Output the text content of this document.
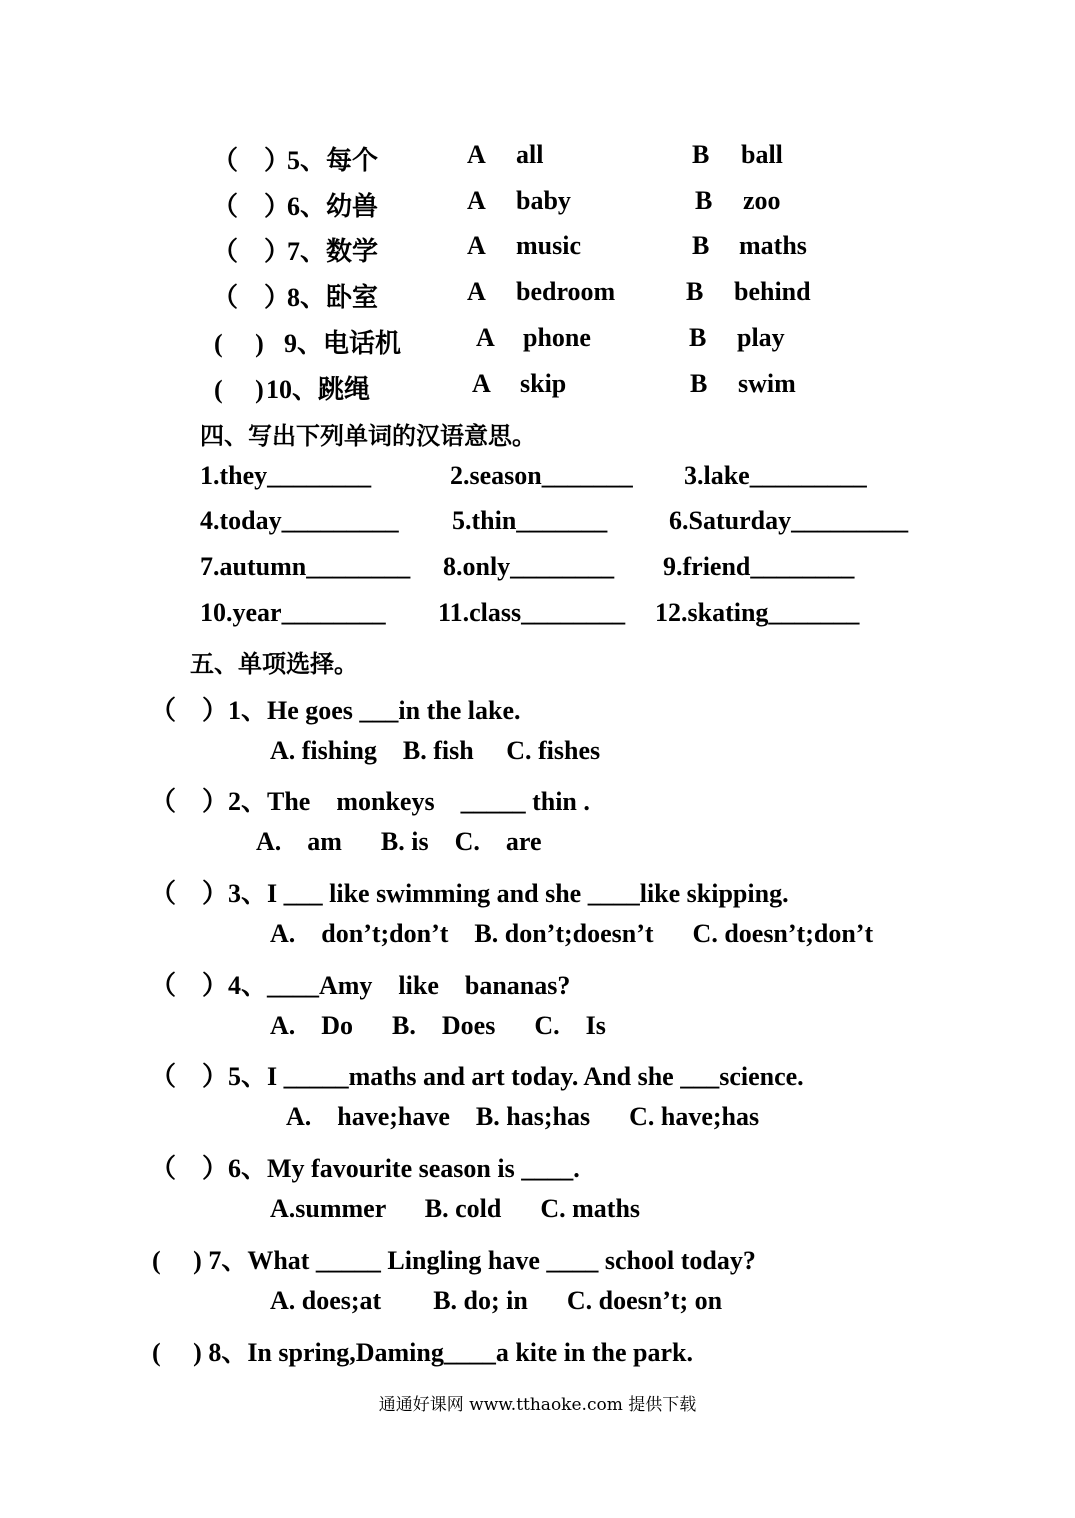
（　）
5、每个	A all	B ball
（　）
6、幼兽	A baby	B zoo
（　）
7、数学	A music	B maths
（　）
8、卧室	A bedroom	B behind
(　 ) 9、电话机	A phone	B play
(　 ) 10、跳绳	A skip	B swim
四、写出下列单词的汉语意思。
1.they________	2.season_______ 3.lake_________
4.today_________ 5.thin_______ 6.Saturday_________
7.autumn________ 8.only________ 9.friend________
10.year________ 11.class________ 12.skating_______
五、单项选择。
（　）1、He goes ___in the lake.
A. fishing    B. fish     C. fishes
（　）2、The    monkeys    _____ thin .
A.    am      B. is    C.    are
（　）3、I ___ like swimming and she ____like skipping.
A.    don’t;don’t    B. don’t;doesn’t      C. doesn’t;don’t
（　）4、____Amy    like    bananas?
A.    Do      B.    Does      C.    Is
（　）5、I _____maths and art today. And she ___science.
A.    have;have    B. has;has      C. have;has
（　）6、My favourite season is ____.
A.summer      B. cold      C. maths
(　 ) 7、What _____ Lingling have ____ school today?
A. does;at        B. do; in      C. doesn’t; on
(　 ) 8、In spring,Daming____a kite in the park.
通通好课网 www.tthaoke.com 提供下载
